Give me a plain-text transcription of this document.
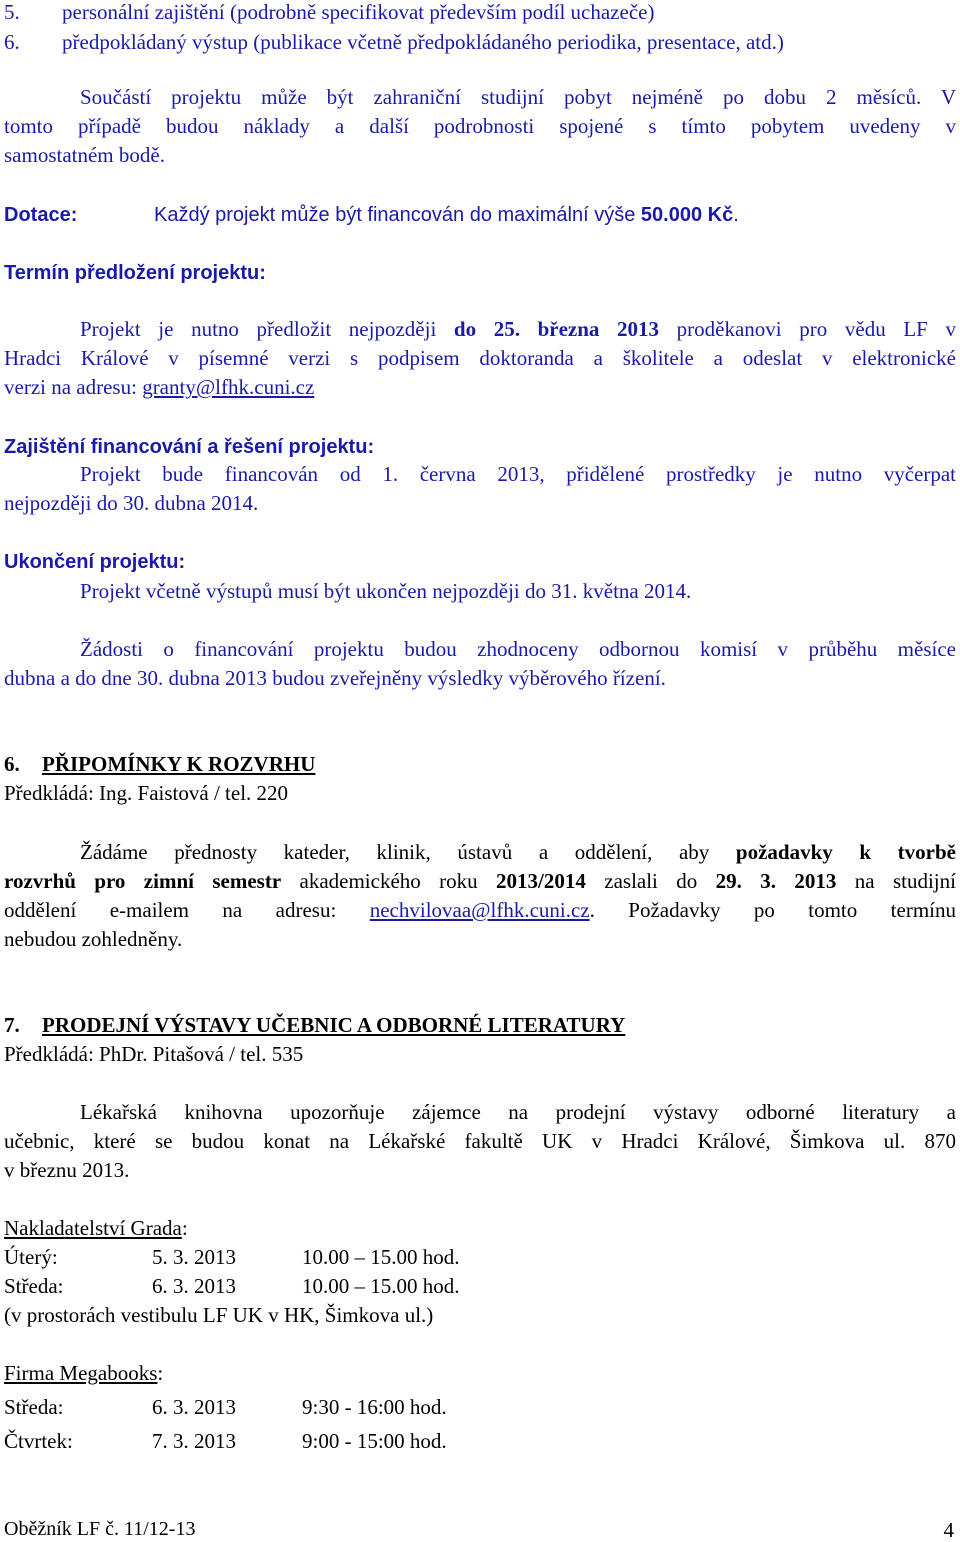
5. personální zajištění (podrobně specifikovat především podíl uchazeče)
6. předpokládaný výstup (publikace včetně předpokládaného periodika, presentace, atd.)
Součástí projektu může být zahraniční studijní pobyt nejméně po dobu 2 měsíců. V
tomto případě budou náklady a další podrobnosti spojené s tímto pobytem uvedeny v
samostatném bodě.
Dotace:	Každý projekt může být financován do maximální výše 50.000 Kč.
Termín předložení projektu:
Projekt je nutno předložit nejpozději do 25. března 2013 proděkanovi pro vědu LF v
Hradci Králové v písemné verzi s podpisem doktoranda a školitele a odeslat v elektronické
verzi na adresu: granty@lfhk.cuni.cz
Zajištění financování a řešení projektu:
Projekt bude financován od 1. června 2013, přidělené prostředky je nutno vyčerpat
nejpozději do 30. dubna 2014.
Ukončení projektu:
Projekt včetně výstupů musí být ukončen nejpozději do 31. května 2014.
Žádosti o financování projektu budou zhodnoceny odbornou komisí v průběhu měsíce
dubna a do dne 30. dubna 2013 budou zveřejněny výsledky výběrového řízení.
6. PŘIPOMÍNKY K ROZVRHU
Předkládá: Ing. Faistová / tel. 220
Žádáme přednosty kateder, klinik, ústavů a oddělení, aby požadavky k tvorbě
rozvrhů pro zimní semestr akademického roku 2013/2014 zaslali do 29. 3. 2013 na studijní
oddělení e-mailem na adresu: nechvilovaa@lfhk.cuni.cz. Požadavky po tomto termínu
nebudou zohledněny.
7. PRODEJNÍ VÝSTAVY UČEBNIC A ODBORNÉ LITERATURY
Předkládá: PhDr. Pitašová / tel. 535
Lékařská knihovna upozorňuje zájemce na prodejní výstavy odborné literatury a
učebnic, které se budou konat na Lékařské fakultě UK v Hradci Králové, Šimkova ul. 870
v březnu 2013.
Nakladatelství Grada:
Úterý:	5. 3. 2013	10.00 – 15.00 hod.
Středa:	6. 3. 2013	10.00 – 15.00 hod.
(v prostorách vestibulu LF UK v HK, Šimkova ul.)
Firma Megabooks:
Středa:	6. 3. 2013	9:30 - 16:00 hod.
Čtvrtek:	7. 3. 2013	9:00 - 15:00 hod.
Oběžník LF č. 11/12-13	4
